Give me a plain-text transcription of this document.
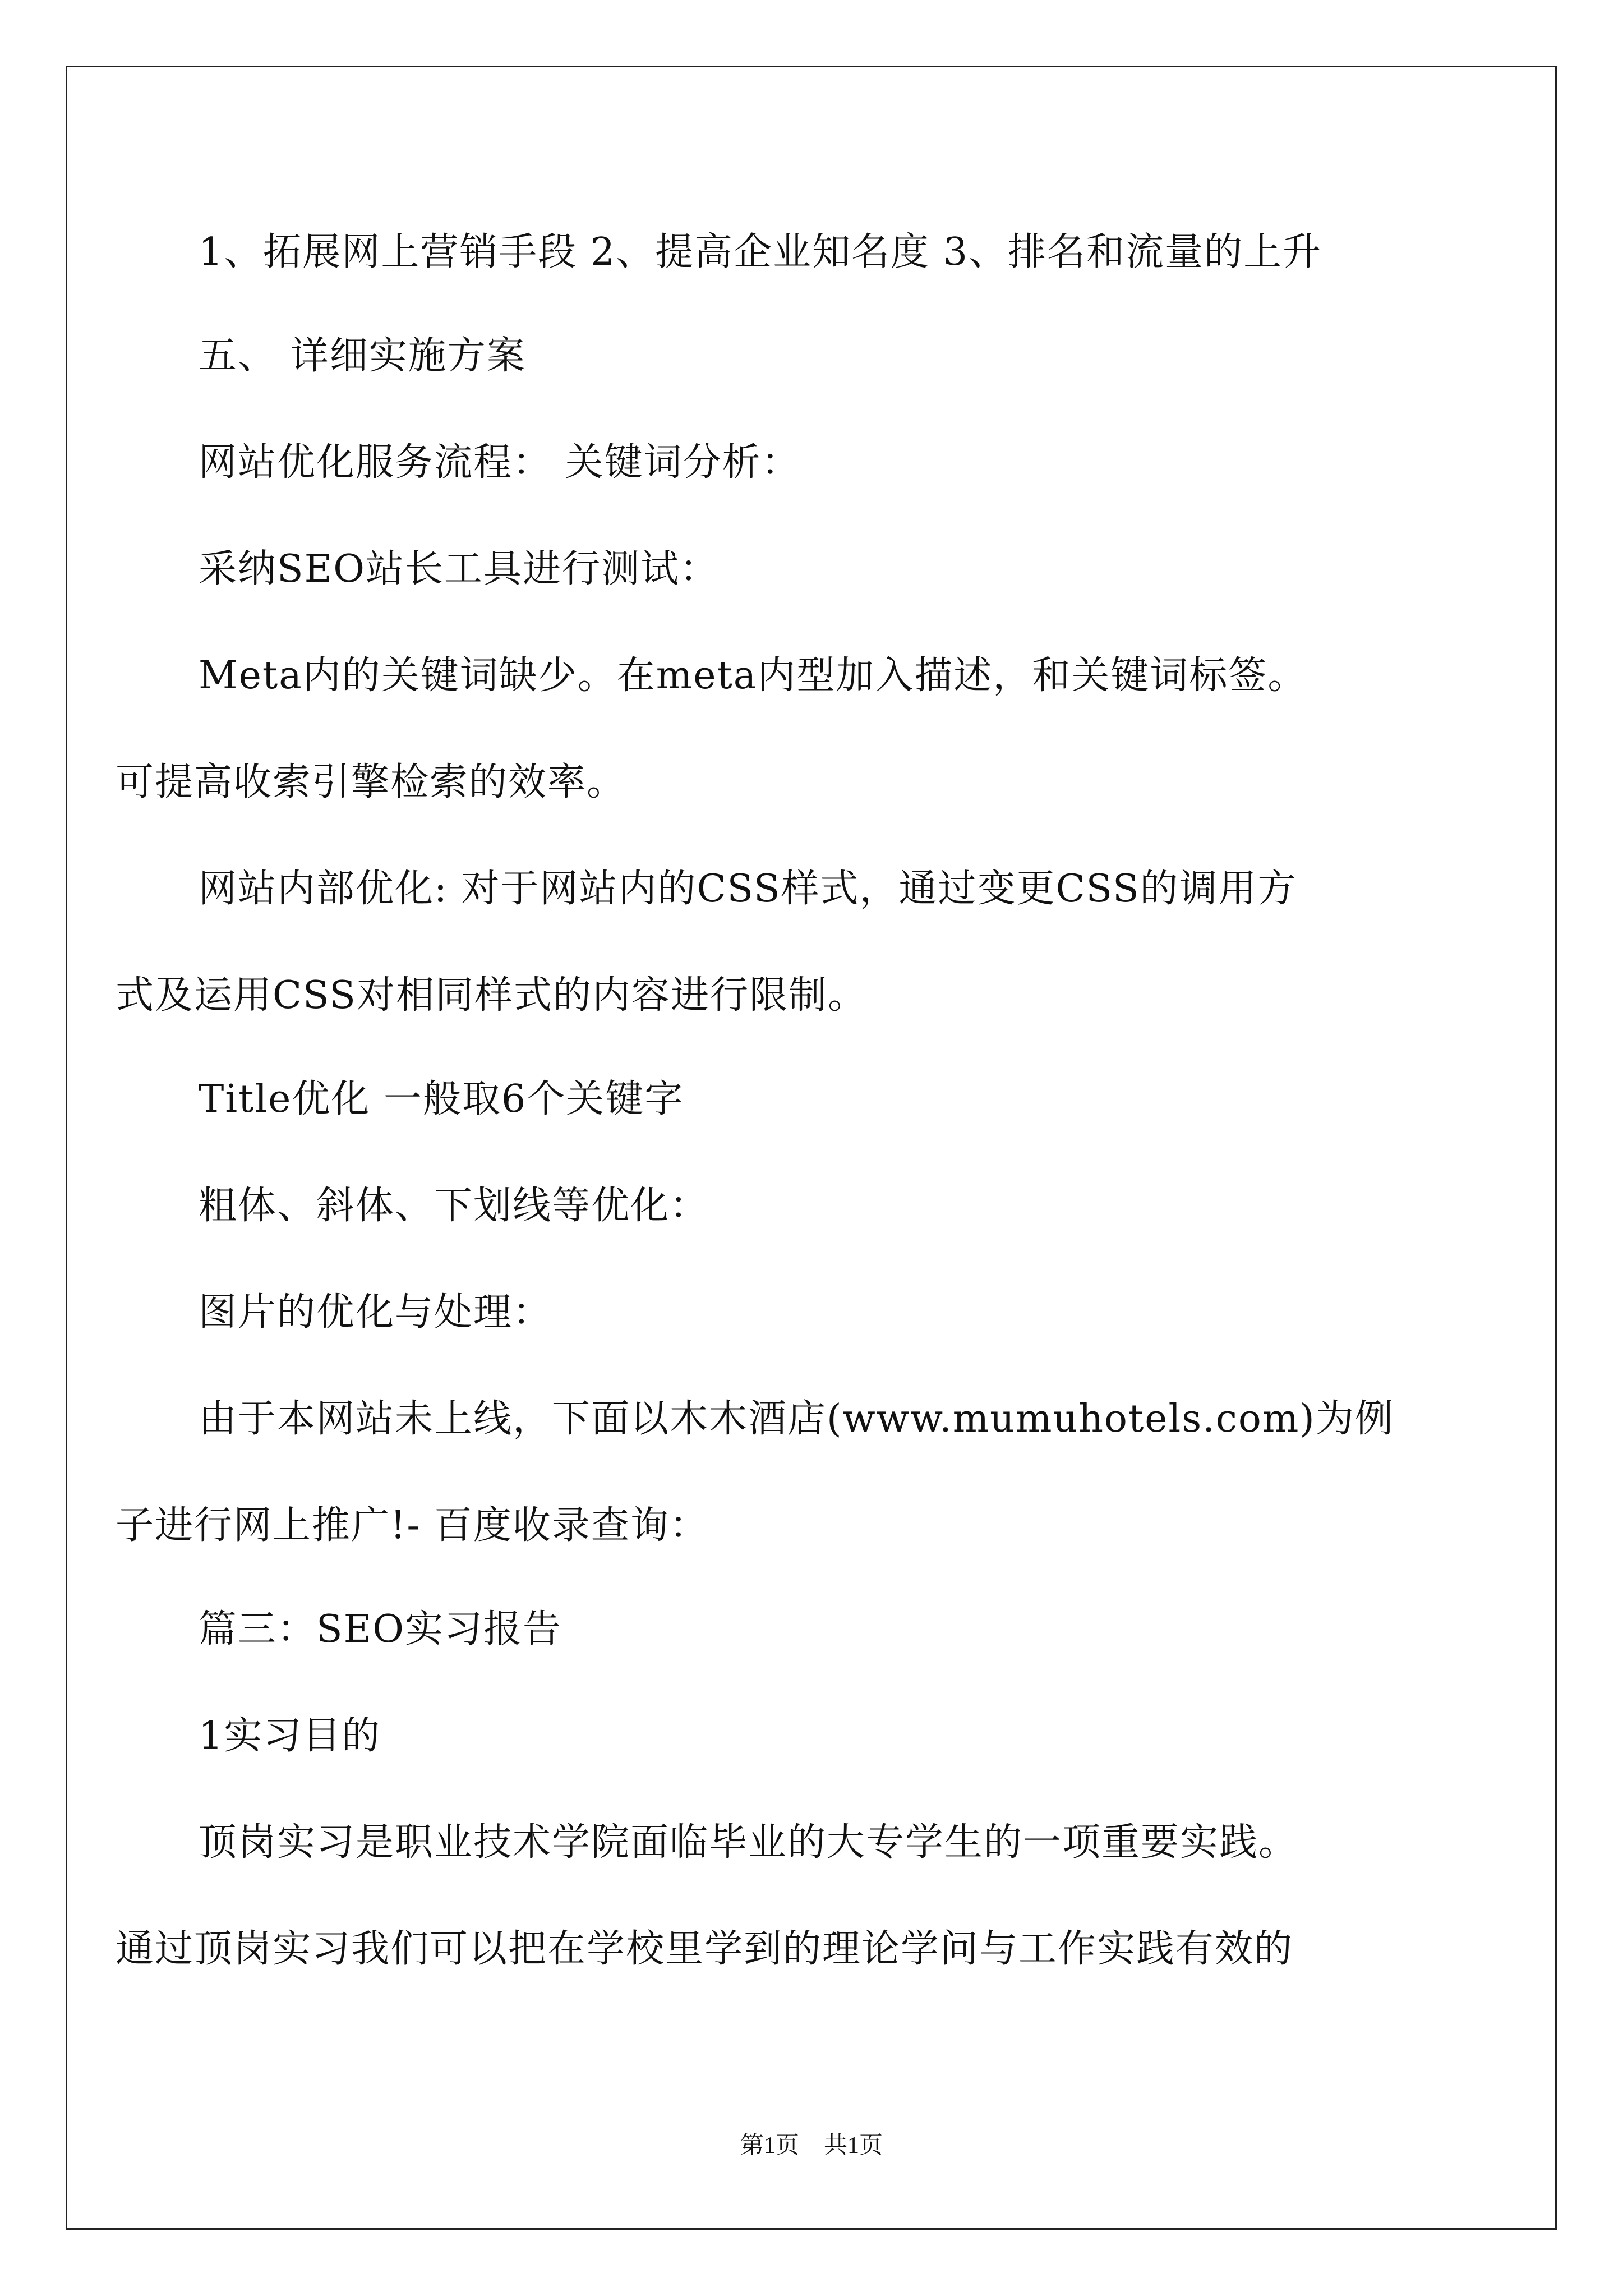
1、拓展网上营销手段 2、提高企业知名度 3、排名和流量的上升
五、 详细实施方案
网站优化服务流程： 关键词分析：
采纳SEO站长工具进行测试：
Meta内的关键词缺少。在meta内型加入描述，和关键词标签。
可提高收索引擎检索的效率。
网站内部优化: 对于网站内的CSS样式，通过变更CSS的调用方
式及运用CSS对相同样式的内容进行限制。
Title优化 一般取6个关键字
粗体、斜体、下划线等优化：
图片的优化与处理：
由于本网站未上线，下面以木木酒店(www.mumuhotels.com)为例
子进行网上推广!- 百度收录查询：
篇三：SEO实习报告
1实习目的
顶岗实习是职业技术学院面临毕业的大专学生的一项重要实践。
通过顶岗实习我们可以把在学校里学到的理论学问与工作实践有效的
第1页 共1页
